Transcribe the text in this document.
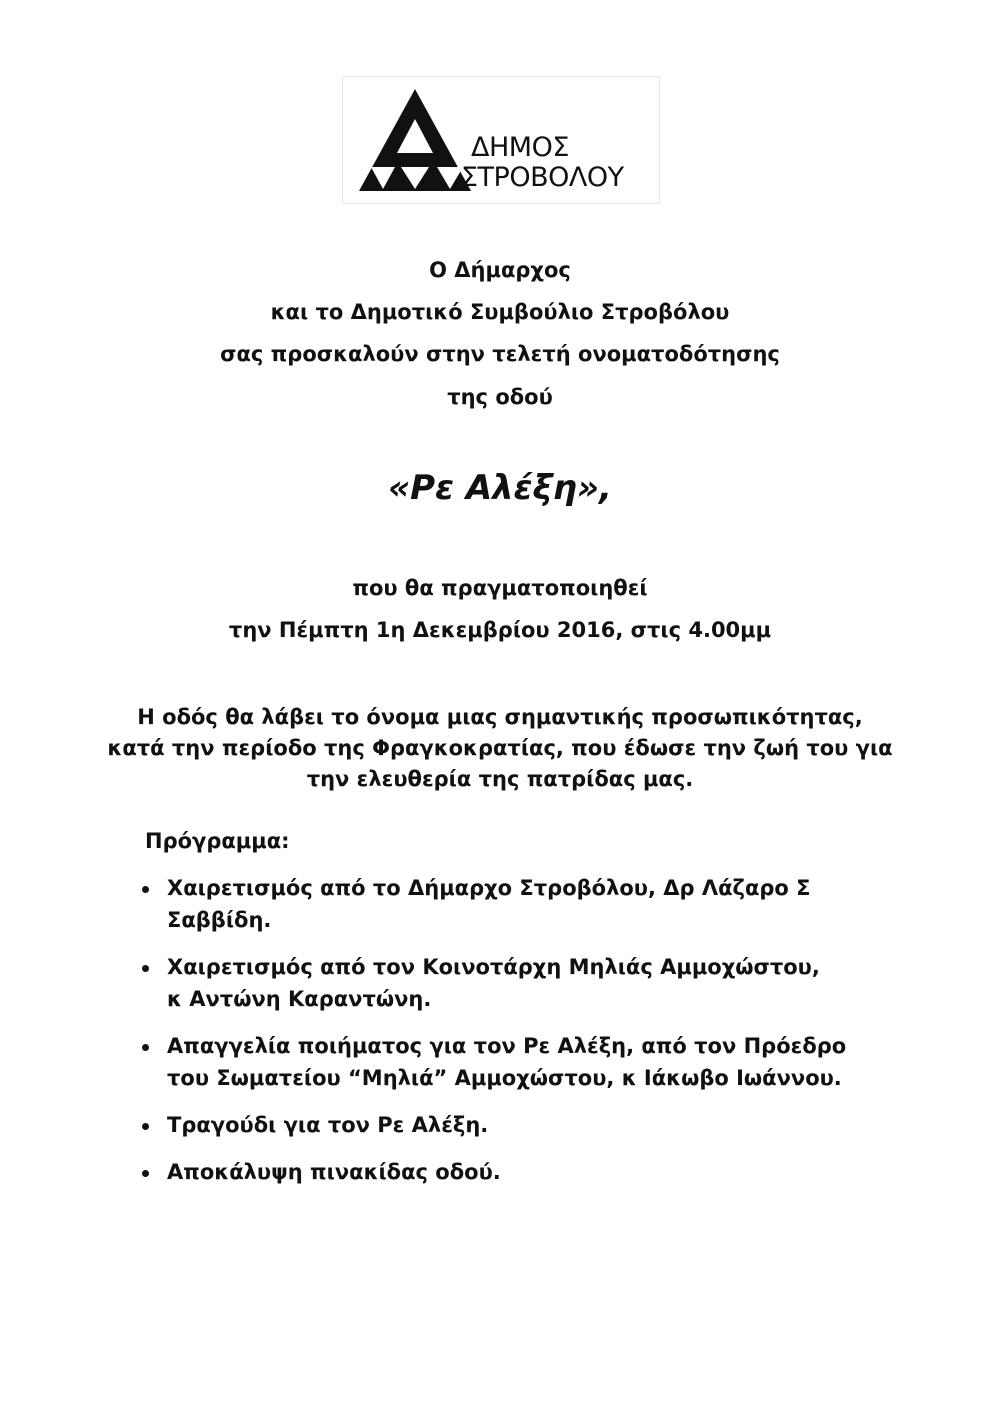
ΔΗΜΟΣ
ΣΤΡΟΒΟΛΟΥ
Ο Δήμαρχος
και το Δημοτικό Συμβούλιο Στροβόλου
σας προσκαλούν στην τελετή ονοματοδότησης
της οδού
«Ρε Αλέξη»,
που θα πραγματοποιηθεί
την Πέμπτη 1η Δεκεμβρίου 2016, στις 4.00μμ
Η οδός θα λάβει το όνομα μιας σημαντικής προσωπικότητας,
κατά την περίοδο της Φραγκοκρατίας, που έδωσε την ζωή του για
την ελευθερία της πατρίδας μας.
Πρόγραμμα:
Χαιρετισμός από το Δήμαρχο Στροβόλου, Δρ Λάζαρο Σ
Σαββίδη.
Χαιρετισμός από τον Κοινοτάρχη Μηλιάς Αμμοχώστου,
κ Αντώνη Καραντώνη.
Απαγγελία ποιήματος για τον Ρε Αλέξη, από τον Πρόεδρο
του Σωματείου “Μηλιά” Αμμοχώστου, κ Ιάκωβο Ιωάννου.
Τραγούδι για τον Ρε Αλέξη.
Αποκάλυψη πινακίδας οδού.
